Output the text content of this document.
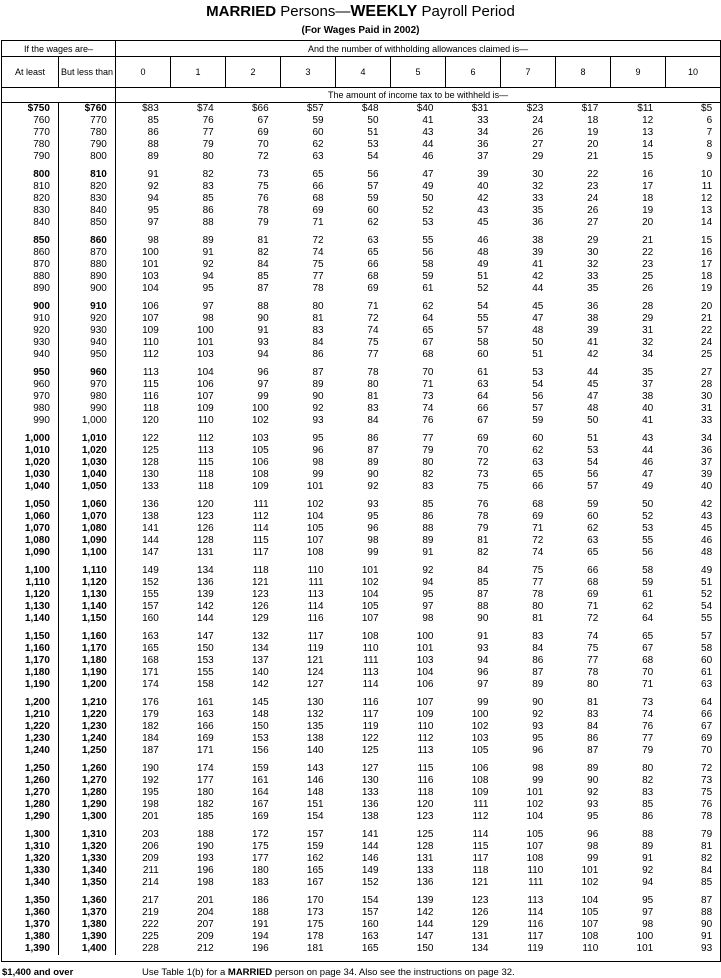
MARRIED Persons—WEEKLY Payroll Period
(For Wages Paid in 2002)
If the wages are–		And the number of withholding allowances claimed is—										
At least	But less than	0	1	2	3	4	5	6	7	8	9	10
		The amount of income tax to be withheld is—										

$750	$760	$83	$74	$66	$57	$48	$40	$31	$23	$17	$11	$5
760	770	85	76	67	59	50	41	33	24	18	12	6
770	780	86	77	69	60	51	43	34	26	19	13	7
780	790	88	79	70	62	53	44	36	27	20	14	8
790	800	89	80	72	63	54	46	37	29	21	15	9
800	810	91	82	73	65	56	47	39	30	22	16	10
810	820	92	83	75	66	57	49	40	32	23	17	11
820	830	94	85	76	68	59	50	42	33	24	18	12
830	840	95	86	78	69	60	52	43	35	26	19	13
840	850	97	88	79	71	62	53	45	36	27	20	14
850	860	98	89	81	72	63	55	46	38	29	21	15
860	870	100	91	82	74	65	56	48	39	30	22	16
870	880	101	92	84	75	66	58	49	41	32	23	17
880	890	103	94	85	77	68	59	51	42	33	25	18
890	900	104	95	87	78	69	61	52	44	35	26	19
900	910	106	97	88	80	71	62	54	45	36	28	20
910	920	107	98	90	81	72	64	55	47	38	29	21
920	930	109	100	91	83	74	65	57	48	39	31	22
930	940	110	101	93	84	75	67	58	50	41	32	24
940	950	112	103	94	86	77	68	60	51	42	34	25
950	960	113	104	96	87	78	70	61	53	44	35	27
960	970	115	106	97	89	80	71	63	54	45	37	28
970	980	116	107	99	90	81	73	64	56	47	38	30
980	990	118	109	100	92	83	74	66	57	48	40	31
990	1,000	120	110	102	93	84	76	67	59	50	41	33
1,000	1,010	122	112	103	95	86	77	69	60	51	43	34
1,010	1,020	125	113	105	96	87	79	70	62	53	44	36
1,020	1,030	128	115	106	98	89	80	72	63	54	46	37
1,030	1,040	130	118	108	99	90	82	73	65	56	47	39
1,040	1,050	133	118	109	101	92	83	75	66	57	49	40
1,050	1,060	136	120	111	102	93	85	76	68	59	50	42
1,060	1,070	138	123	112	104	95	86	78	69	60	52	43
1,070	1,080	141	126	114	105	96	88	79	71	62	53	45
1,080	1,090	144	128	115	107	98	89	81	72	63	55	46
1,090	1,100	147	131	117	108	99	91	82	74	65	56	48
1,100	1,110	149	134	118	110	101	92	84	75	66	58	49
1,110	1,120	152	136	121	111	102	94	85	77	68	59	51
1,120	1,130	155	139	123	113	104	95	87	78	69	61	52
1,130	1,140	157	142	126	114	105	97	88	80	71	62	54
1,140	1,150	160	144	129	116	107	98	90	81	72	64	55
1,150	1,160	163	147	132	117	108	100	91	83	74	65	57
1,160	1,170	165	150	134	119	110	101	93	84	75	67	58
1,170	1,180	168	153	137	121	111	103	94	86	77	68	60
1,180	1,190	171	155	140	124	113	104	96	87	78	70	61
1,190	1,200	174	158	142	127	114	106	97	89	80	71	63
1,200	1,210	176	161	145	130	116	107	99	90	81	73	64
1,210	1,220	179	163	148	132	117	109	100	92	83	74	66
1,220	1,230	182	166	150	135	119	110	102	93	84	76	67
1,230	1,240	184	169	153	138	122	112	103	95	86	77	69
1,240	1,250	187	171	156	140	125	113	105	96	87	79	70
1,250	1,260	190	174	159	143	127	115	106	98	89	80	72
1,260	1,270	192	177	161	146	130	116	108	99	90	82	73
1,270	1,280	195	180	164	148	133	118	109	101	92	83	75
1,280	1,290	198	182	167	151	136	120	111	102	93	85	76
1,290	1,300	201	185	169	154	138	123	112	104	95	86	78
1,300	1,310	203	188	172	157	141	125	114	105	96	88	79
1,310	1,320	206	190	175	159	144	128	115	107	98	89	81
1,320	1,330	209	193	177	162	146	131	117	108	99	91	82
1,330	1,340	211	196	180	165	149	133	118	110	101	92	84
1,340	1,350	214	198	183	167	152	136	121	111	102	94	85
1,350	1,360	217	201	186	170	154	139	123	113	104	95	87
1,360	1,370	219	204	188	173	157	142	126	114	105	97	88
1,370	1,380	222	207	191	175	160	144	129	116	107	98	90
1,380	1,390	225	209	194	178	163	147	131	117	108	100	91
1,390	1,400	228	212	196	181	165	150	134	119	110	101	93
$1,400 and over	Use Table 1(b) for a MARRIED person on page 34. Also see the instructions on page 32.
